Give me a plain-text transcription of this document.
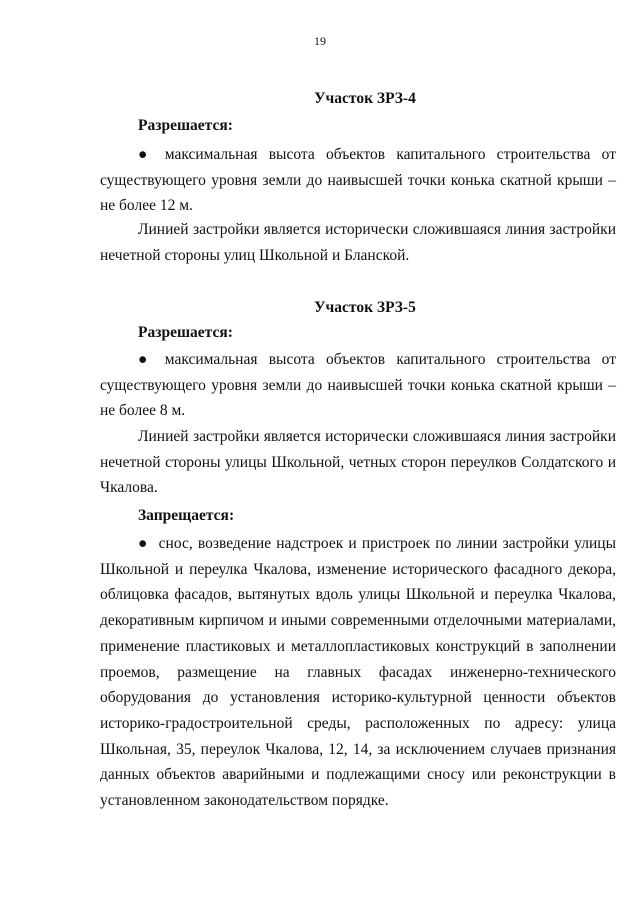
19
Участок ЗРЗ-4
Разрешается:

● максимальная высота объектов капитального строительства от существующего уровня земли до наивысшей точки конька скатной крыши – не более 12 м.

Линией застройки является исторически сложившаяся линия застройки нечетной стороны улиц Школьной и Бланской.

Участок ЗРЗ-5
Разрешается:

● максимальная высота объектов капитального строительства от существующего уровня земли до наивысшей точки конька скатной крыши – не более 8 м.

Линией застройки является исторически сложившаяся линия застройки нечетной стороны улицы Школьной, четных сторон переулков Солдатского и Чкалова.

Запрещается:

● снос, возведение надстроек и пристроек по линии застройки улицы Школьной и переулка Чкалова, изменение исторического фасадного декора, облицовка фасадов, вытянутых вдоль улицы Школьной и переулка Чкалова, декоративным кирпичом и иными современными отделочными материалами, применение пластиковых и металлопластиковых конструкций в заполнении проемов, размещение на главных фасадах инженерно-технического оборудования до установления историко-культурной ценности объектов историко-градостроительной среды, расположенных по адресу: улица Школьная, 35, переулок Чкалова, 12, 14, за исключением случаев признания данных объектов аварийными и подлежащими сносу или реконструкции в установленном законодательством порядке.
